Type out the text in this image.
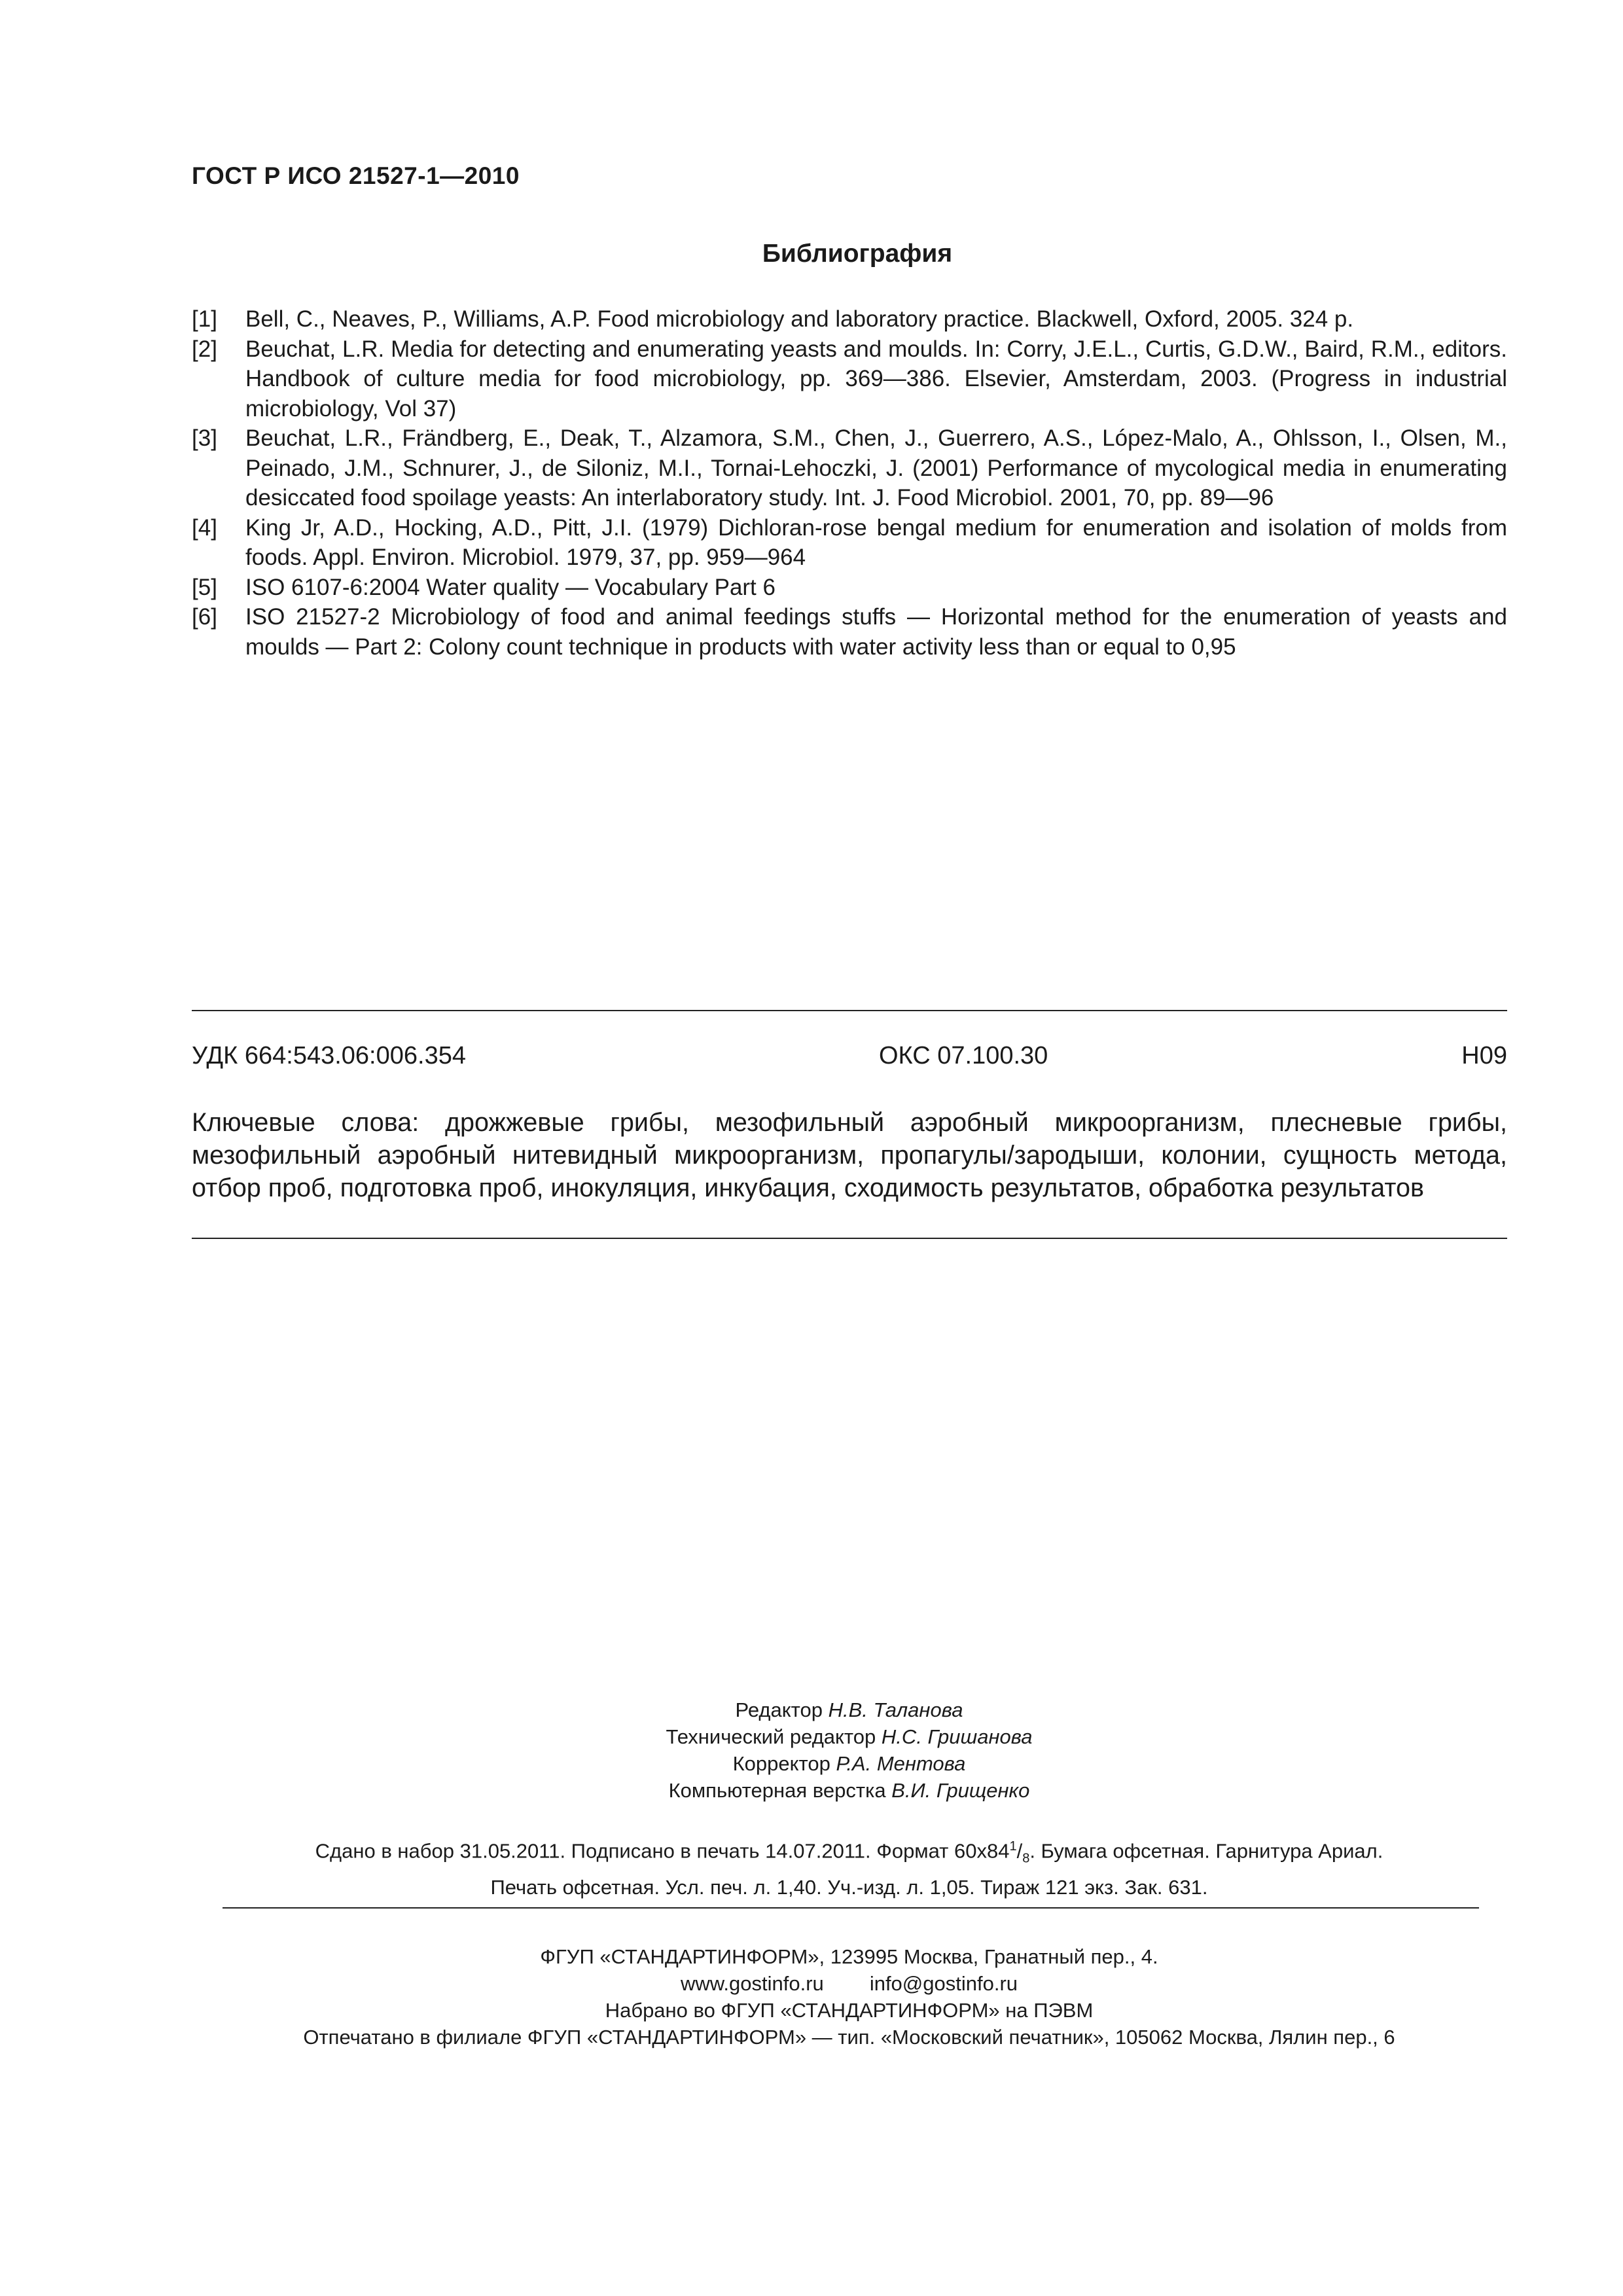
ГОСТ Р ИСО 21527-1—2010
Библиография
[1]	Bell, C., Neaves, P., Williams, A.P. Food microbiology and laboratory practice. Blackwell, Oxford, 2005. 324 p.
[2]	Beuchat, L.R. Media for detecting and enumerating yeasts and moulds. In: Corry, J.E.L., Curtis, G.D.W., Baird, R.M., editors. Handbook of culture media for food microbiology, pp. 369—386. Elsevier, Amsterdam, 2003. (Progress in industrial microbiology, Vol 37)
[3]	Beuchat, L.R., Frändberg, E., Deak, T., Alzamora, S.M., Chen, J., Guerrero, A.S., López-Malo, A., Ohlsson, I., Olsen, M., Peinado, J.M., Schnurer, J., de Siloniz, M.I., Tornai-Lehoczki, J. (2001) Performance of mycological media in enumerating desiccated food spoilage yeasts: An interlaboratory study. Int. J. Food Microbiol. 2001, 70, pp. 89—96
[4]	King Jr, A.D., Hocking, A.D., Pitt, J.I. (1979) Dichloran-rose bengal medium for enumeration and isolation of molds from foods. Appl. Environ. Microbiol. 1979, 37, pp. 959—964
[5]	ISO 6107-6:2004 Water quality — Vocabulary Part 6
[6]	ISO 21527-2 Microbiology of food and animal feedings stuffs — Horizontal method for the enumeration of yeasts and moulds — Part 2: Colony count technique in products with water activity less than or equal to 0,95
УДК 664:543.06:006.354	ОКС 07.100.30	Н09
Ключевые слова: дрожжевые грибы, мезофильный аэробный микроорганизм, плесневые грибы, мезофильный аэробный нитевидный микроорганизм, пропагулы/зародыши, колонии, сущность метода, отбор проб, подготовка проб, инокуляция, инкубация, сходимость результатов, обработка результатов
Редактор Н.В. Таланова
Технический редактор Н.С. Гришанова
Корректор Р.А. Ментова
Компьютерная верстка В.И. Грищенко
Сдано в набор 31.05.2011. Подписано в печать 14.07.2011. Формат $60х84^1/_8$. Бумага офсетная. Гарнитура Ариал.
Печать офсетная. Усл. печ. л. 1,40. Уч.-изд. л. 1,05. Тираж 121 экз. Зак. 631.
ФГУП «СТАНДАРТИНФОРМ», 123995 Москва, Гранатный пер., 4.
www.gostinfo.ru info@gostinfo.ru
Набрано во ФГУП «СТАНДАРТИНФОРМ» на ПЭВМ
Отпечатано в филиале ФГУП «СТАНДАРТИНФОРМ» — тип. «Московский печатник», 105062 Москва, Лялин пер., 6
